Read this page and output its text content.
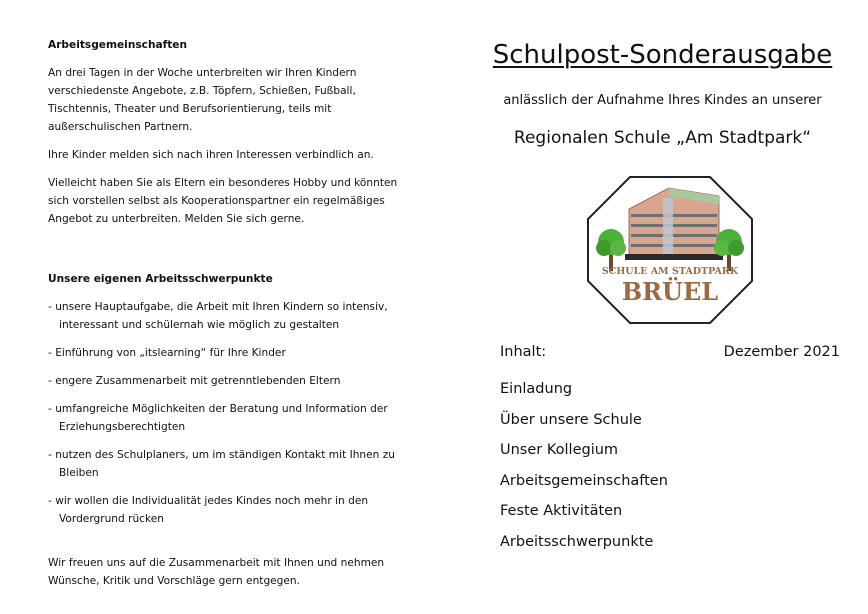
Arbeitsgemeinschaften

An drei Tagen in der Woche unterbreiten wir Ihren Kindern verschiedenste Angebote, z.B. Töpfern, Schießen, Fußball, Tischtennis, Theater und Berufsorientierung, teils mit außerschulischen Partnern.

Ihre Kinder melden sich nach ihren Interessen verbindlich an.

Vielleicht haben Sie als Eltern ein besonderes Hobby und könnten sich vorstellen selbst als Kooperationspartner ein regelmäßiges Angebot zu unterbreiten. Melden Sie sich gerne.

Unsere eigenen Arbeitsschwerpunkte

- unsere Hauptaufgabe, die Arbeit mit Ihren Kindern so intensiv, interessant und schülernah wie möglich zu gestalten

- Einführung von „itslearning“ für Ihre Kinder

- engere Zusammenarbeit mit getrenntlebenden Eltern

- umfangreiche Möglichkeiten der Beratung und Information der Erziehungsberechtigten

- nutzen des Schulplaners, um im ständigen Kontakt mit Ihnen zu Bleiben

- wir wollen die Individualität jedes Kindes noch mehr in den Vordergrund rücken

Wir freuen uns auf die Zusammenarbeit mit Ihnen und nehmen Wünsche, Kritik und Vorschläge gern entgegen.

Schulpost-Sonderausgabe
anlässlich der Aufnahme Ihres Kindes an unserer
Regionalen Schule „Am Stadtpark“
SCHULE AM STADTPARK
BRÜEL
Inhalt:	Dezember 2021
Einladung
Über unsere Schule
Unser Kollegium
Arbeitsgemeinschaften
Feste Aktivitäten
Arbeitsschwerpunkte
